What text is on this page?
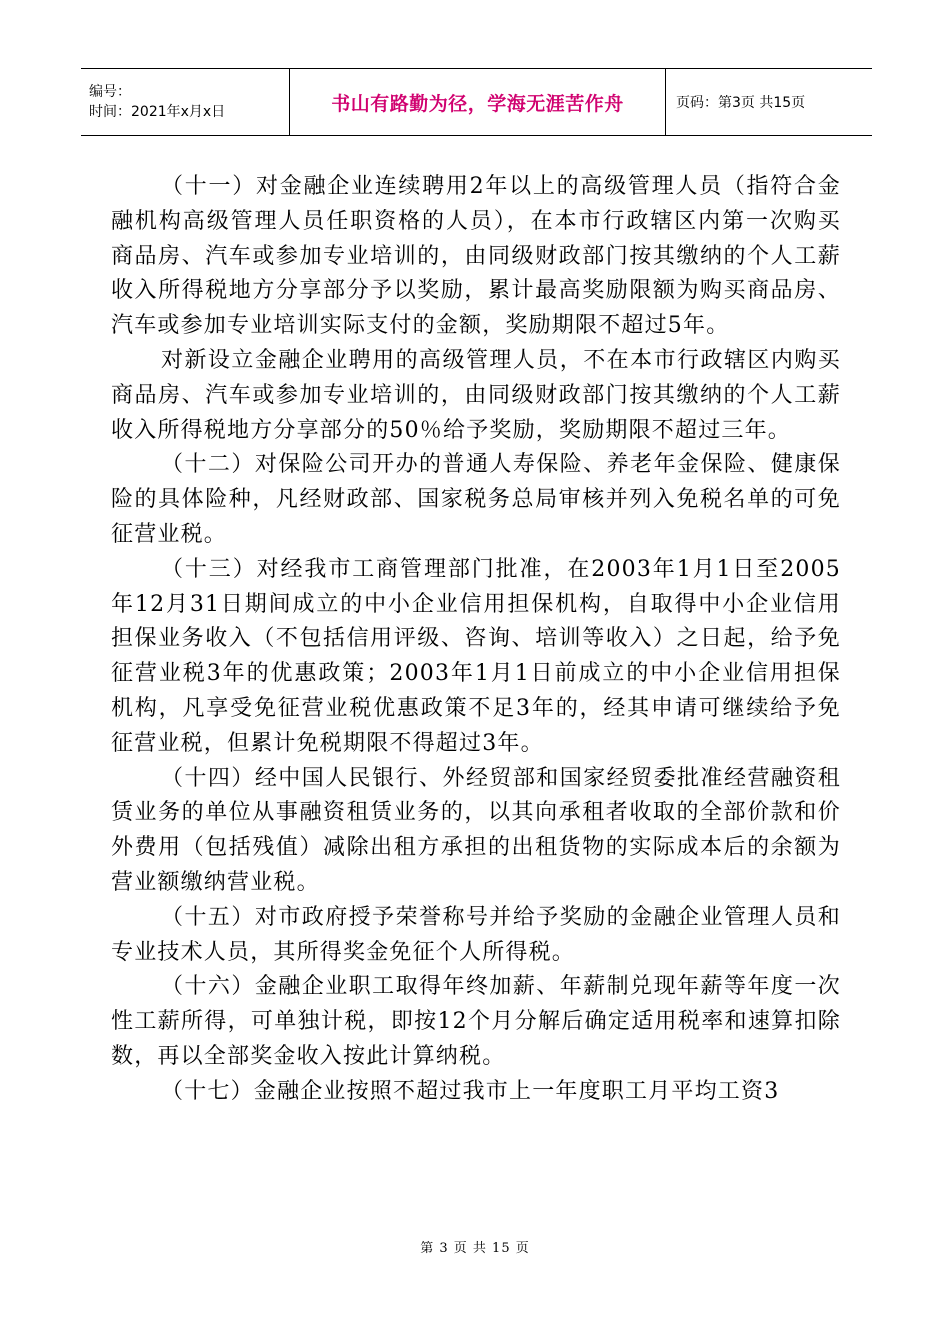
编号：
时间：2021年x月x日	书山有路勤为径，学海无涯苦作舟	页码：第3页 共15页

（十一）对金融企业连续聘用2年以上的高级管理人员（指符合金融机构高级管理人员任职资格的人员），在本市行政辖区内第一次购买商品房、汽车或参加专业培训的，由同级财政部门按其缴纳的个人工薪收入所得税地方分享部分予以奖励，累计最高奖励限额为购买商品房、汽车或参加专业培训实际支付的金额，奖励期限不超过5年。

对新设立金融企业聘用的高级管理人员，不在本市行政辖区内购买商品房、汽车或参加专业培训的，由同级财政部门按其缴纳的个人工薪收入所得税地方分享部分的50％给予奖励，奖励期限不超过三年。

（十二）对保险公司开办的普通人寿保险、养老年金保险、健康保险的具体险种，凡经财政部、国家税务总局审核并列入免税名单的可免征营业税。

（十三）对经我市工商管理部门批准，在2003年1月1日至2005年12月31日期间成立的中小企业信用担保机构，自取得中小企业信用担保业务收入（不包括信用评级、咨询、培训等收入）之日起，给予免征营业税3年的优惠政策；2003年1月1日前成立的中小企业信用担保机构，凡享受免征营业税优惠政策不足3年的，经其申请可继续给予免征营业税，但累计免税期限不得超过3年。

（十四）经中国人民银行、外经贸部和国家经贸委批准经营融资租赁业务的单位从事融资租赁业务的，以其向承租者收取的全部价款和价外费用（包括残值）减除出租方承担的出租货物的实际成本后的余额为营业额缴纳营业税。

（十五）对市政府授予荣誉称号并给予奖励的金融企业管理人员和专业技术人员，其所得奖金免征个人所得税。

（十六）金融企业职工取得年终加薪、年薪制兑现年薪等年度一次性工薪所得，可单独计税，即按12个月分解后确定适用税率和速算扣除数，再以全部奖金收入按此计算纳税。

（十七）金融企业按照不超过我市上一年度职工月平均工资3

第 3 页 共 15 页
